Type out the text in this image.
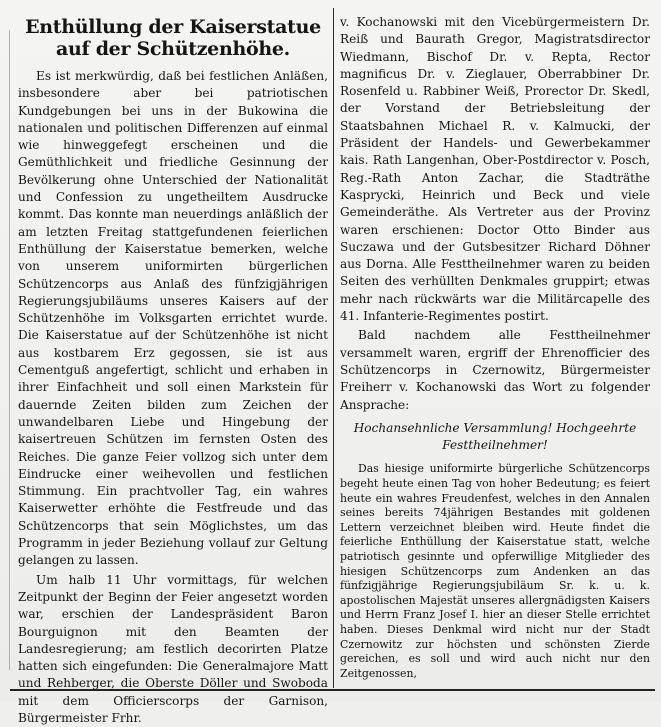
Enthüllung der Kaiserstatue
auf der Schützenhöhe.

Es ist merkwürdig, daß bei festlichen Anläßen, insbesondere aber bei patriotischen Kundgebungen bei uns in der Bukowina die nationalen und politischen Differenzen auf einmal wie hinweggefegt erscheinen und die Gemüthlichkeit und friedliche Gesinnung der Bevölkerung ohne Unterschied der Nationalität und Confession zu ungetheiltem Ausdrucke kommt. Das konnte man neuerdings anläßlich der am letzten Freitag stattgefundenen feierlichen Enthüllung der Kaiserstatue bemerken, welche von unserem uniformirten bürgerlichen Schützencorps aus Anlaß des fünfzigjährigen Regierungsjubiläums unseres Kaisers auf der Schützenhöhe im Volksgarten errichtet wurde. Die Kaiserstatue auf der Schützenhöhe ist nicht aus kostbarem Erz gegossen, sie ist aus Cementguß angefertigt, schlicht und erhaben in ihrer Einfachheit und soll einen Markstein für dauernde Zeiten bilden zum Zeichen der unwandelbaren Liebe und Hingebung der kaisertreuen Schützen im fernsten Osten des Reiches. Die ganze Feier vollzog sich unter dem Eindrucke einer weihevollen und festlichen Stimmung. Ein prachtvoller Tag, ein wahres Kaiserwetter erhöhte die Festfreude und das Schützencorps that sein Möglichstes, um das Programm in jeder Beziehung vollauf zur Geltung gelangen zu lassen.

Um halb 11 Uhr vormittags, für welchen Zeitpunkt der Beginn der Feier angesetzt worden war, erschien der Landespräsident Baron Bourguignon mit den Beamten der Landesregierung; am festlich decorirten Platze hatten sich eingefunden: Die Generalmajore Matt und Rehberger, die Oberste Döller und Swoboda mit dem Officierscorps der Garnison, Bürgermeister Frhr.

v. Kochanowski mit den Vicebürgermeistern Dr. Reiß und Baurath Gregor, Magistratsdirector Wiedmann, Bischof Dr. v. Repta, Rector magnificus Dr. v. Zieglauer, Oberrabbiner Dr. Rosenfeld u. Rabbiner Weiß, Prorector Dr. Skedl, der Vorstand der Betriebsleitung der Staatsbahnen Michael R. v. Kalmucki, der Präsident der Handels- und Gewerbekammer kais. Rath Langenhan, Ober-Postdirector v. Posch, Reg.-Rath Anton Zachar, die Stadträthe Kasprycki, Heinrich und Beck und viele Gemeinderäthe. Als Vertreter aus der Provinz waren erschienen: Doctor Otto Binder aus Suczawa und der Gutsbesitzer Richard Döhner aus Dorna. Alle Festtheilnehmer waren zu beiden Seiten des verhüllten Denkmales gruppirt; etwas mehr nach rückwärts war die Militärcapelle des 41. Infanterie-Regimentes postirt.

Bald nachdem alle Festtheilnehmer versammelt waren, ergriff der Ehrenofficier des Schützencorps in Czernowitz, Bürgermeister Freiherr v. Kochanowski das Wort zu folgender Ansprache:

Hochansehnliche Versammlung! Hochgeehrte Festtheilnehmer!

Das hiesige uniformirte bürgerliche Schützencorps begeht heute einen Tag von hoher Bedeutung; es feiert heute ein wahres Freudenfest, welches in den Annalen seines bereits 74jährigen Bestandes mit goldenen Lettern verzeichnet bleiben wird. Heute findet die feierliche Enthüllung der Kaiserstatue statt, welche patriotisch gesinnte und opferwillige Mitglieder des hiesigen Schützencorps zum Andenken an das fünfzigjährige Regierungsjubiläum Sr. k. u. k. apostolischen Majestät unseres allergnädigsten Kaisers und Herrn Franz Josef I. hier an dieser Stelle errichtet haben. Dieses Denkmal wird nicht nur der Stadt Czernowitz zur höchsten und schönsten Zierde gereichen, es soll und wird auch nicht nur den Zeitgenossen,
